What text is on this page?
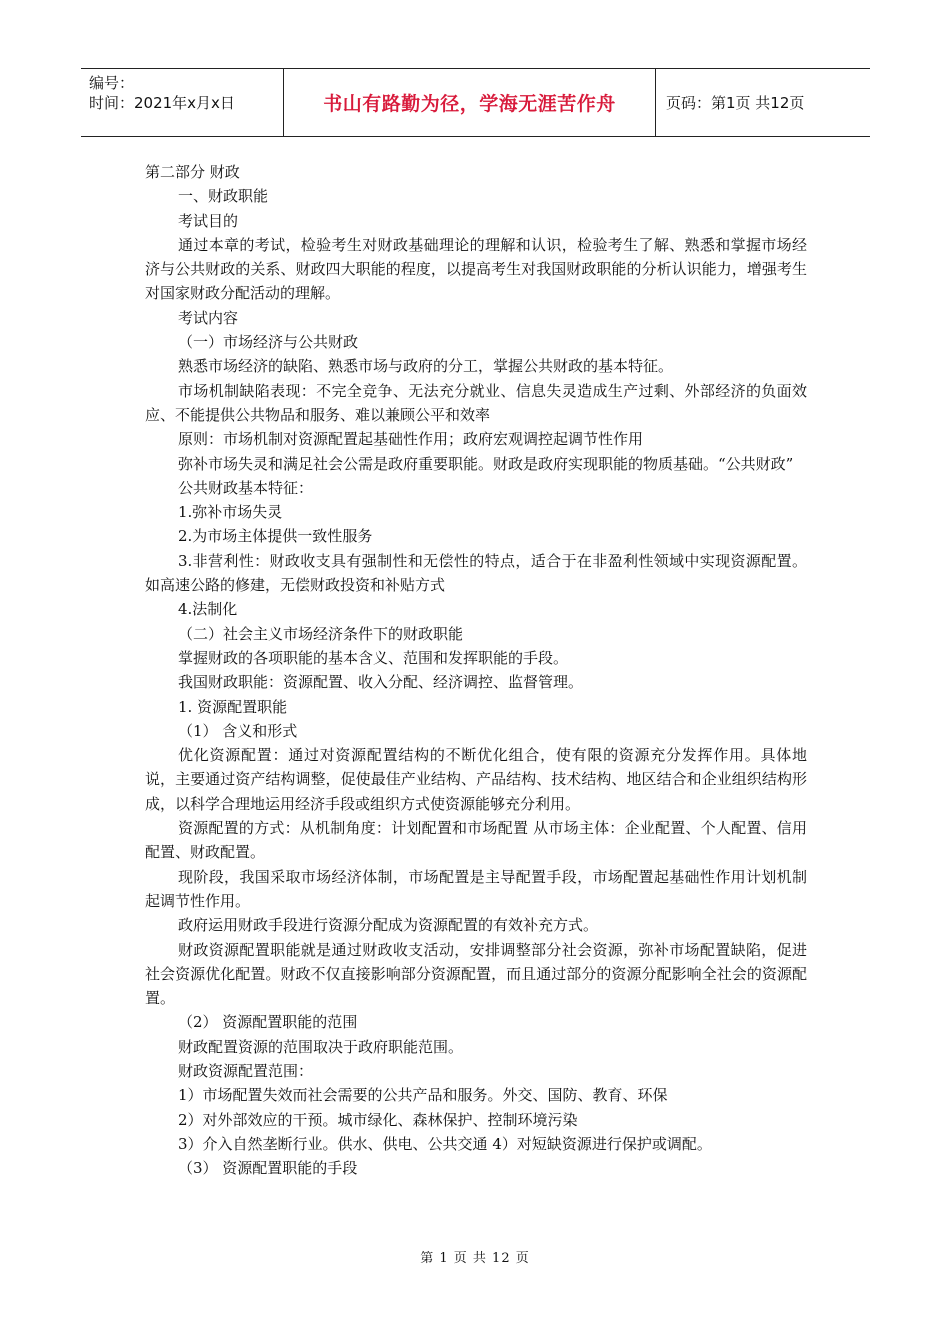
编号：
时间：2021年x月x日	书山有路勤为径，学海无涯苦作舟	页码：第1页 共12页

第二部分 财政

一、财政职能

考试目的

通过本章的考试，检验考生对财政基础理论的理解和认识，检验考生了解、熟悉和掌握市场经济与公共财政的关系、财政四大职能的程度，以提高考生对我国财政职能的分析认识能力，增强考生对国家财政分配活动的理解。

考试内容

（一）市场经济与公共财政

熟悉市场经济的缺陷、熟悉市场与政府的分工，掌握公共财政的基本特征。

市场机制缺陷表现：不完全竞争、无法充分就业、信息失灵造成生产过剩、外部经济的负面效应、不能提供公共物品和服务、难以兼顾公平和效率

原则：市场机制对资源配置起基础性作用；政府宏观调控起调节性作用

弥补市场失灵和满足社会公需是政府重要职能。财政是政府实现职能的物质基础。“公共财政”

公共财政基本特征：

1.弥补市场失灵

2.为市场主体提供一致性服务

3.非营利性：财政收支具有强制性和无偿性的特点，适合于在非盈利性领域中实现资源配置。如高速公路的修建，无偿财政投资和补贴方式

4.法制化

（二）社会主义市场经济条件下的财政职能

掌握财政的各项职能的基本含义、范围和发挥职能的手段。

我国财政职能：资源配置、收入分配、经济调控、监督管理。

1. 资源配置职能

（1） 含义和形式

优化资源配置：通过对资源配置结构的不断优化组合，使有限的资源充分发挥作用。具体地说，主要通过资产结构调整，促使最佳产业结构、产品结构、技术结构、地区结合和企业组织结构形成，以科学合理地运用经济手段或组织方式使资源能够充分利用。

资源配置的方式：从机制角度：计划配置和市场配置 从市场主体：企业配置、个人配置、信用配置、财政配置。

现阶段，我国采取市场经济体制，市场配置是主导配置手段，市场配置起基础性作用计划机制起调节性作用。

政府运用财政手段进行资源分配成为资源配置的有效补充方式。

财政资源配置职能就是通过财政收支活动，安排调整部分社会资源，弥补市场配置缺陷，促进社会资源优化配置。财政不仅直接影响部分资源配置，而且通过部分的资源分配影响全社会的资源配置。

（2） 资源配置职能的范围

财政配置资源的范围取决于政府职能范围。

财政资源配置范围：

1）市场配置失效而社会需要的公共产品和服务。外交、国防、教育、环保

2）对外部效应的干预。城市绿化、森林保护、控制环境污染

3）介入自然垄断行业。供水、供电、公共交通 4）对短缺资源进行保护或调配。

（3） 资源配置职能的手段

第 1 页 共 12 页
